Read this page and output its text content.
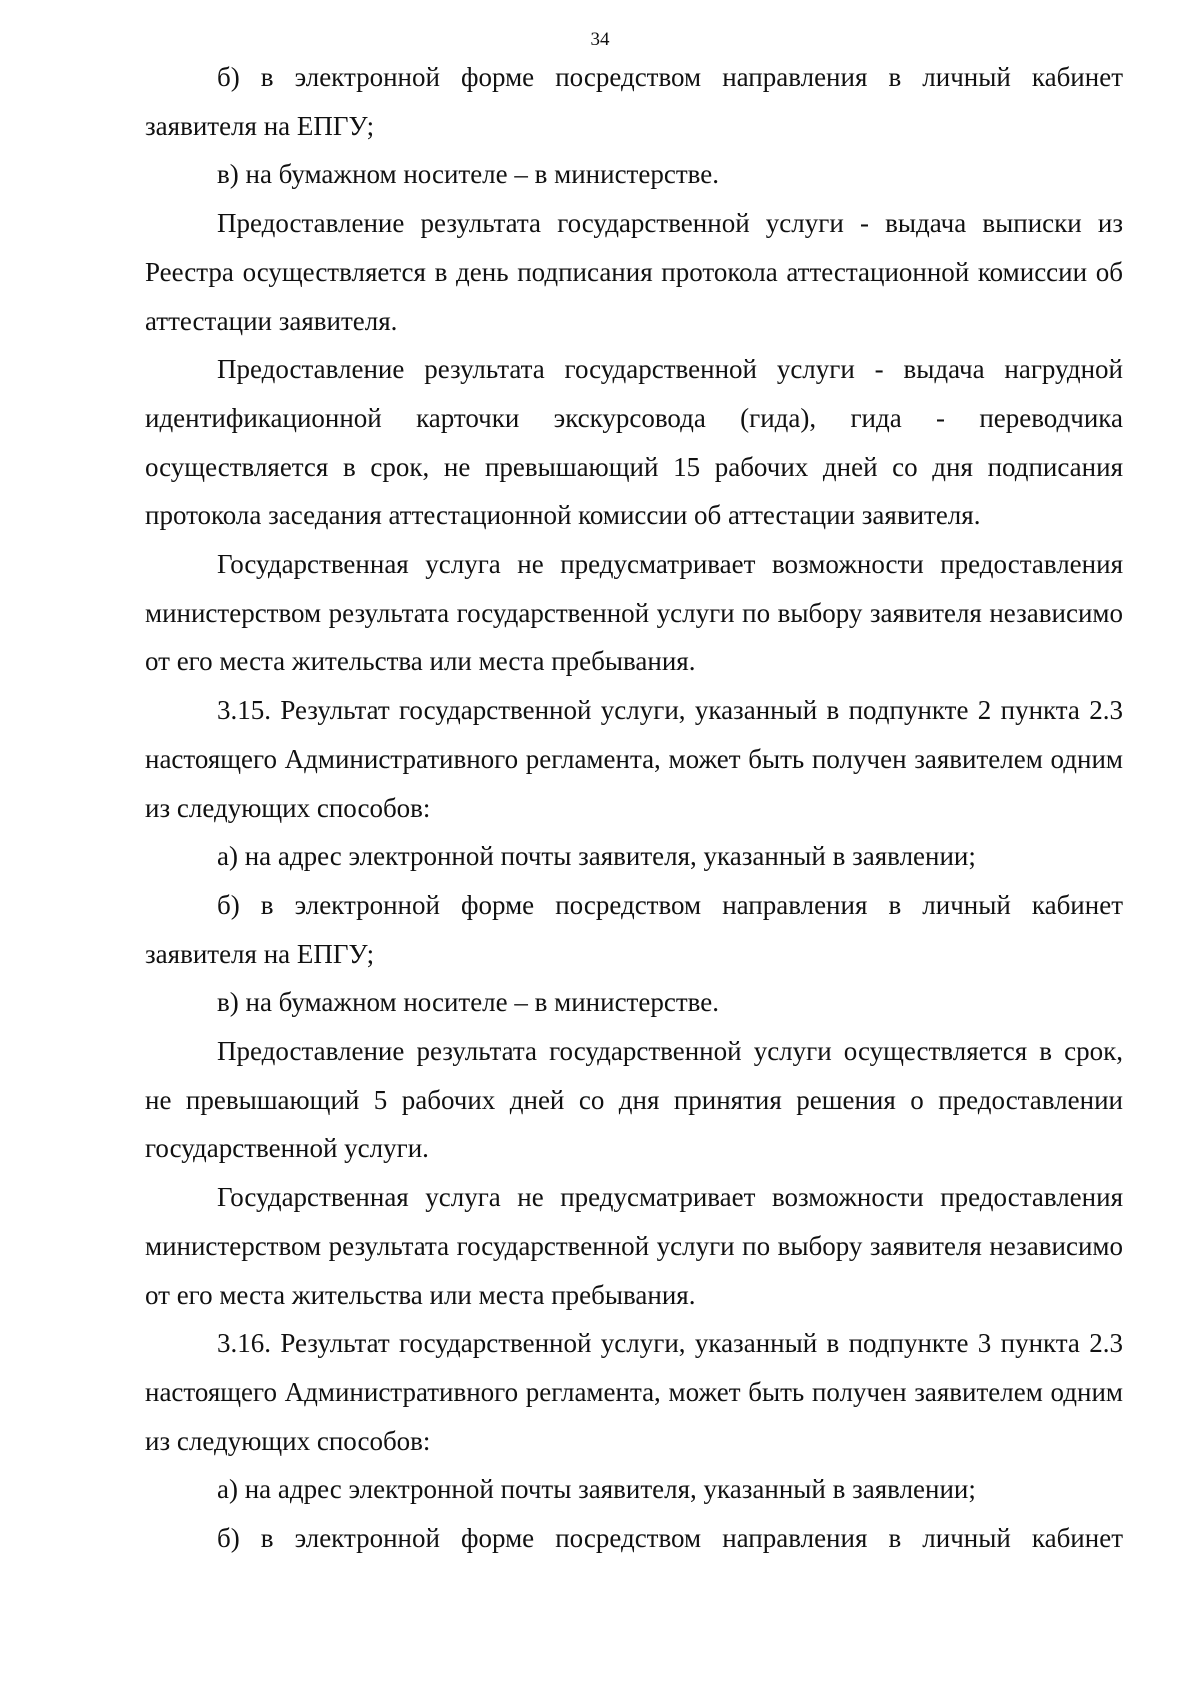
34

б) в электронной форме посредством направления в личный кабинет заявителя на ЕПГУ;

в) на бумажном носителе – в министерстве.

Предоставление результата государственной услуги - выдача выписки из Реестра осуществляется в день подписания протокола аттестационной комиссии об аттестации заявителя.

Предоставление результата государственной услуги - выдача нагрудной идентификационной карточки экскурсовода (гида), гида - переводчика осуществляется в срок, не превышающий 15 рабочих дней со дня подписания протокола заседания аттестационной комиссии об аттестации заявителя.

Государственная услуга не предусматривает возможности предоставления министерством результата государственной услуги по выбору заявителя независимо от его места жительства или места пребывания.

3.15. Результат государственной услуги, указанный в подпункте 2 пункта 2.3 настоящего Административного регламента, может быть получен заявителем одним из следующих способов:

а) на адрес электронной почты заявителя, указанный в заявлении;

б) в электронной форме посредством направления в личный кабинет заявителя на ЕПГУ;

в) на бумажном носителе – в министерстве.

Предоставление результата государственной услуги осуществляется в срок, не превышающий 5 рабочих дней со дня принятия решения о предоставлении государственной услуги.

Государственная услуга не предусматривает возможности предоставления министерством результата государственной услуги по выбору заявителя независимо от его места жительства или места пребывания.

3.16. Результат государственной услуги, указанный в подпункте 3 пункта 2.3 настоящего Административного регламента, может быть получен заявителем одним из следующих способов:

а) на адрес электронной почты заявителя, указанный в заявлении;

б) в электронной форме посредством направления в личный кабинет
